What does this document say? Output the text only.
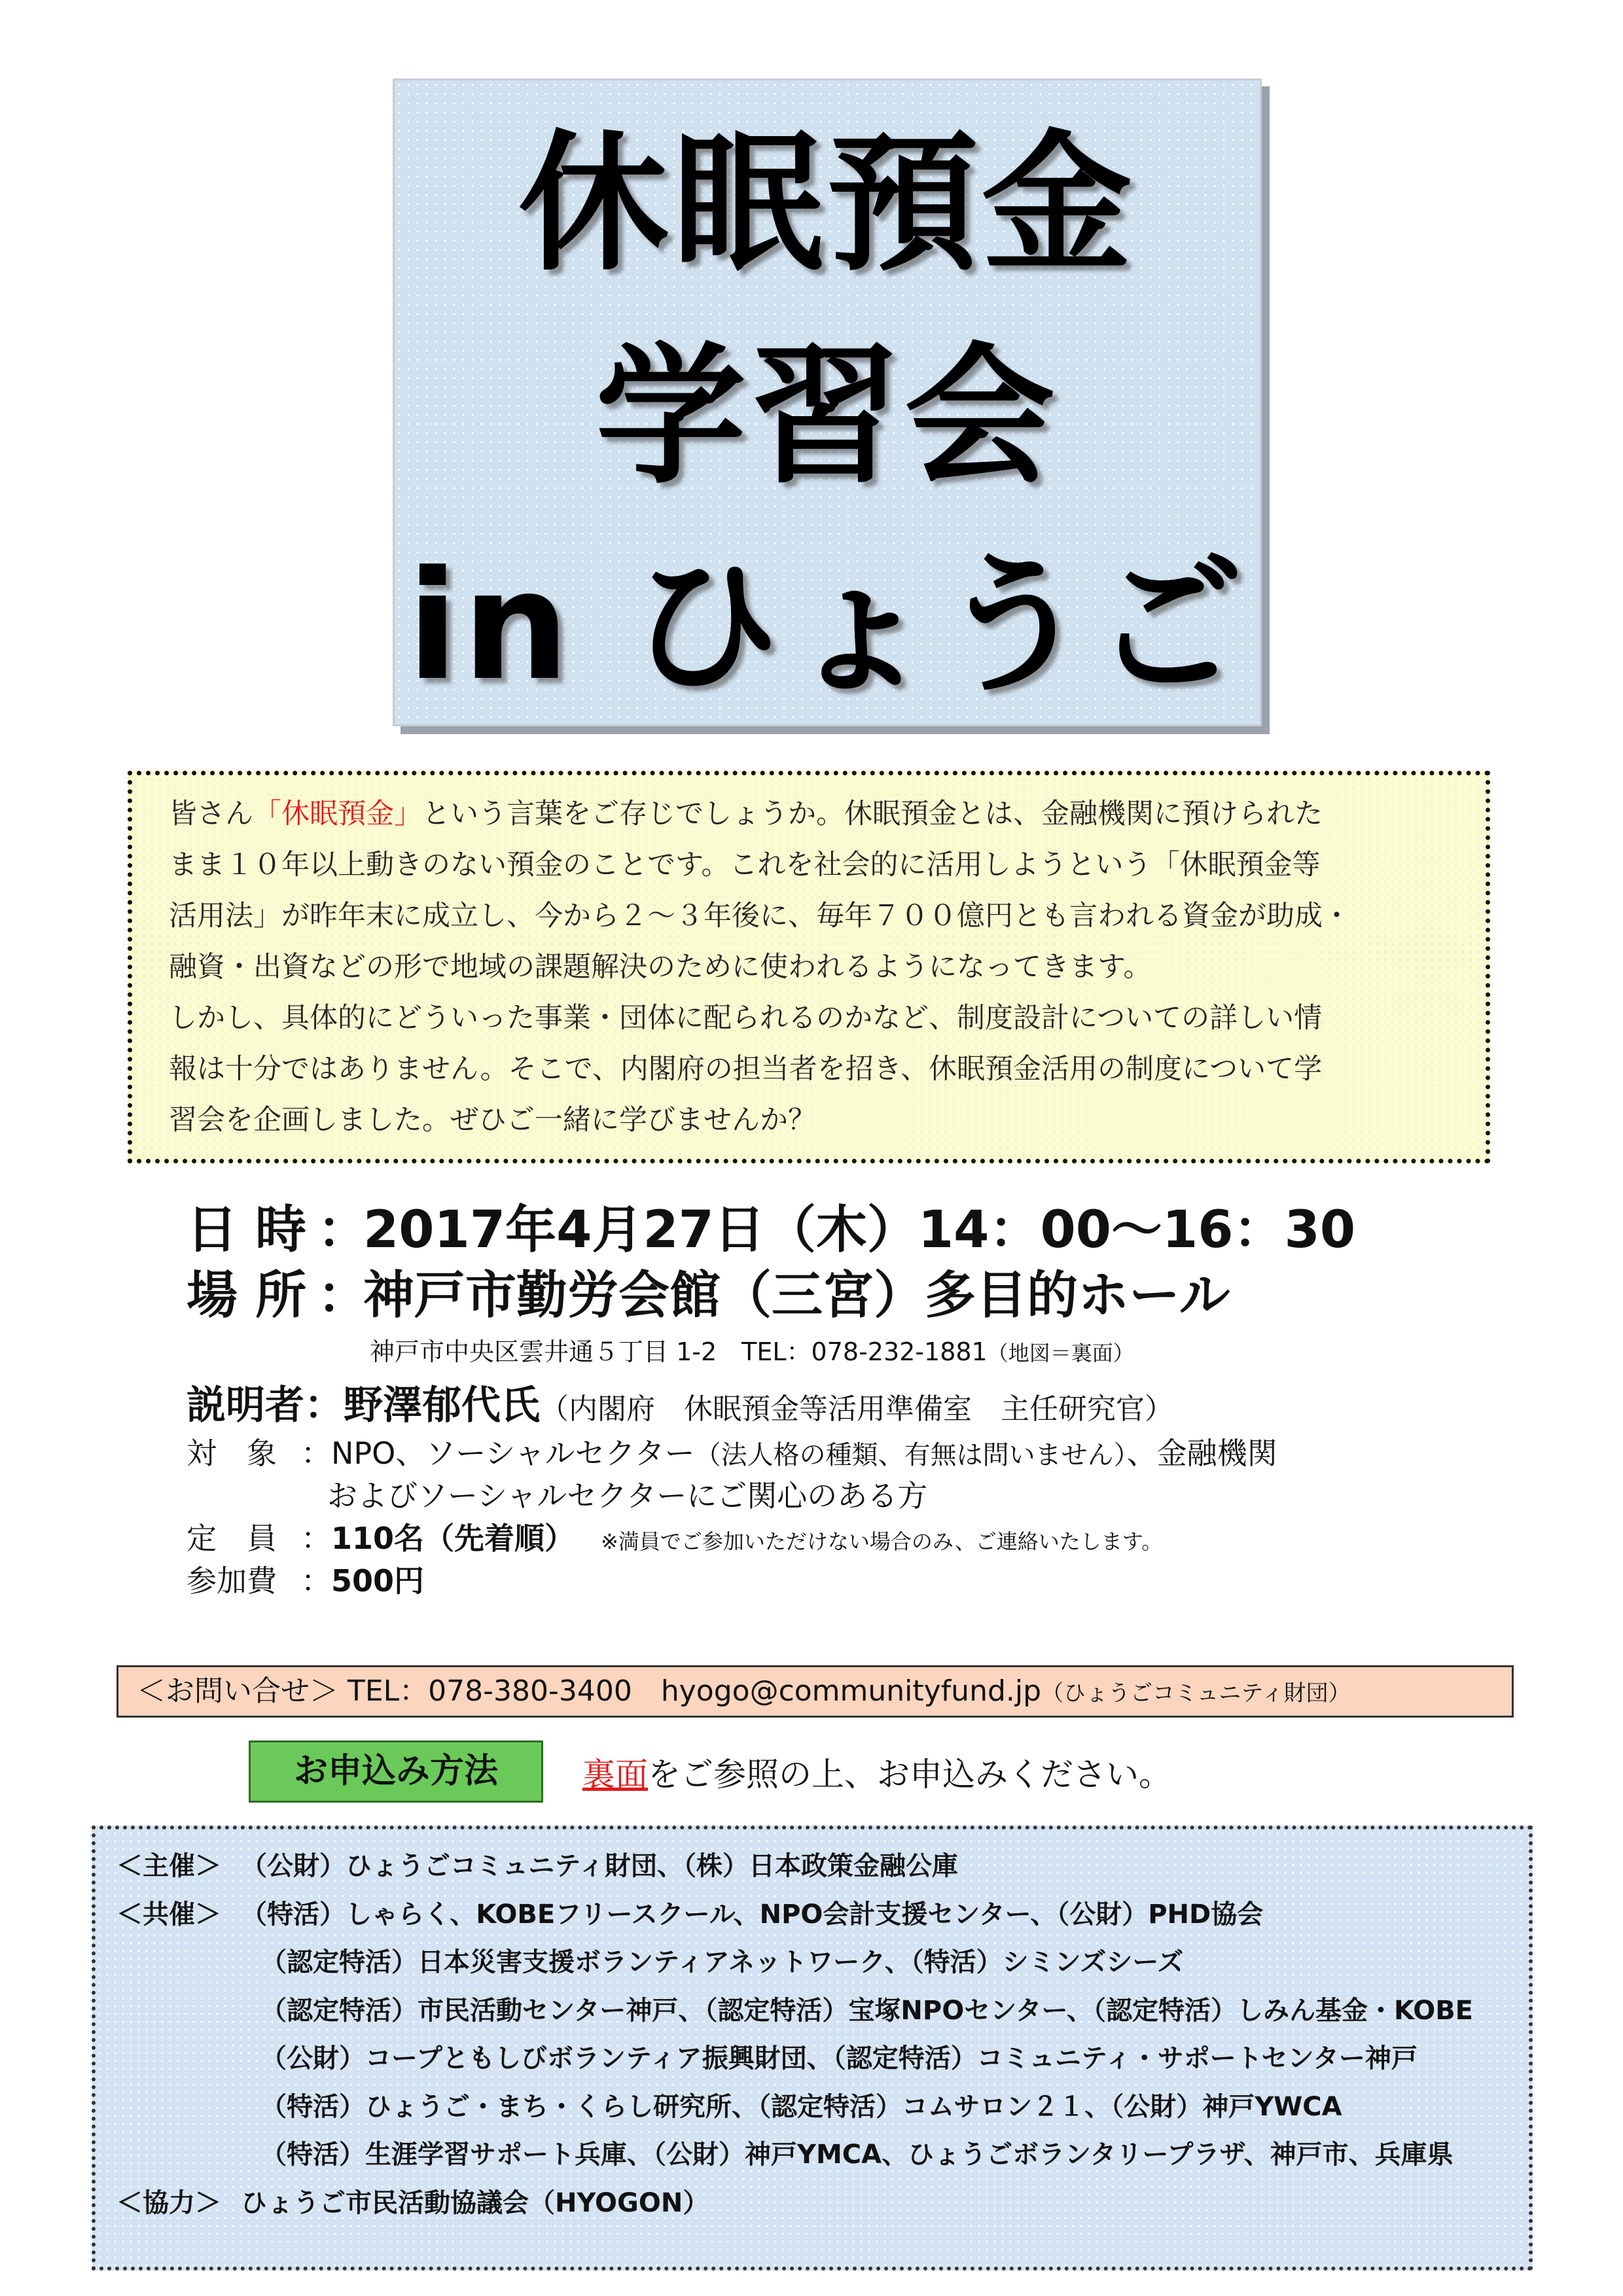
休眠預金
学習会
in ひょうご
皆さん「休眠預金」という言葉をご存じでしょうか。休眠預金とは、金融機関に預けられた
まま１０年以上動きのない預金のことです。これを社会的に活用しようという「休眠預金等
活用法」が昨年末に成立し、今から２～３年後に、毎年７００億円とも言われる資金が助成・
融資・出資などの形で地域の課題解決のために使われるようになってきます。
しかし、具体的にどういった事業・団体に配られるのかなど、制度設計についての詳しい情
報は十分ではありません。そこで、内閣府の担当者を招き、休眠預金活用の制度について学
習会を企画しました。ぜひご一緒に学びませんか？
日 時 ：2017年4月27日（木）14：00～16：30
場 所 ：神戸市勤労会館（三宮）多目的ホール
神戸市中央区雲井通５丁目 1-2　TEL：078-232-1881（地図＝裏面）
説明者：野澤郁代氏（内閣府　休眠預金等活用準備室　主任研究官）
対　象 ：NPO、ソーシャルセクター（法人格の種類、有無は問いません）、金融機関
およびソーシャルセクターにご関心のある方
定　員 ：110名（先着順） ※満員でご参加いただけない場合のみ、ご連絡いたします。
参加費 ：500円
＜お問い合せ＞ TEL：078-380-3400　hyogo@communityfund.jp（ひょうごコミュニティ財団）
お申込み方法	裏面をご参照の上、お申込みください。
＜主催＞ （公財）ひょうごコミュニティ財団、（株）日本政策金融公庫
＜共催＞ （特活）しゃらく、KOBEフリースクール、NPO会計支援センター、（公財）PHD協会
（認定特活）日本災害支援ボランティアネットワーク、（特活）シミンズシーズ
（認定特活）市民活動センター神戸、（認定特活）宝塚NPOセンター、（認定特活）しみん基金・KOBE
（公財）コープともしびボランティア振興財団、（認定特活）コミュニティ・サポートセンター神戸
（特活）ひょうご・まち・くらし研究所、（認定特活）コムサロン２１、（公財）神戸YWCA
（特活）生涯学習サポート兵庫、（公財）神戸YMCA、ひょうごボランタリープラザ、神戸市、兵庫県
＜協力＞ ひょうご市民活動協議会（HYOGON）
